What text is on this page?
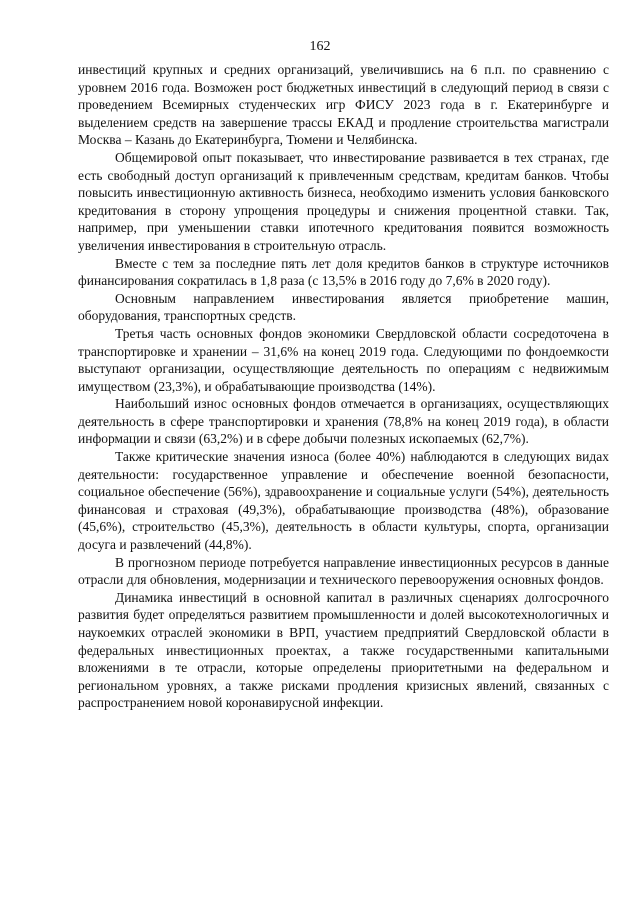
162

инвестиций крупных и средних организаций, увеличившись на 6 п.п. по сравнению с уровнем 2016 года. Возможен рост бюджетных инвестиций в следующий период в связи с проведением Всемирных студенческих игр ФИСУ 2023 года в г. Екатеринбурге и выделением средств на завершение трассы ЕКАД и продление строительства магистрали Москва – Казань до Екатеринбурга, Тюмени и Челябинска.

Общемировой опыт показывает, что инвестирование развивается в тех странах, где есть свободный доступ организаций к привлеченным средствам, кредитам банков. Чтобы повысить инвестиционную активность бизнеса, необходимо изменить условия банковского кредитования в сторону упрощения процедуры и снижения процентной ставки. Так, например, при уменьшении ставки ипотечного кредитования появится возможность увеличения инвестирования в строительную отрасль.

Вместе с тем за последние пять лет доля кредитов банков в структуре источников финансирования сократилась в 1,8 раза (с 13,5% в 2016 году до 7,6% в 2020 году).

Основным направлением инвестирования является приобретение машин, оборудования, транспортных средств.

Третья часть основных фондов экономики Свердловской области сосредоточена в транспортировке и хранении – 31,6% на конец 2019 года. Следующими по фондоемкости выступают организации, осуществляющие деятельность по операциям с недвижимым имуществом (23,3%), и обрабатывающие производства (14%).

Наибольший износ основных фондов отмечается в организациях, осуществляющих деятельность в сфере транспортировки и хранения (78,8% на конец 2019 года), в области информации и связи (63,2%) и в сфере добычи полезных ископаемых (62,7%).

Также критические значения износа (более 40%) наблюдаются в следующих видах деятельности: государственное управление и обеспечение военной безопасности, социальное обеспечение (56%), здравоохранение и социальные услуги (54%), деятельность финансовая и страховая (49,3%), обрабатывающие производства (48%), образование (45,6%), строительство (45,3%), деятельность в области культуры, спорта, организации досуга и развлечений (44,8%).

В прогнозном периоде потребуется направление инвестиционных ресурсов в данные отрасли для обновления, модернизации и технического перевооружения основных фондов.

Динамика инвестиций в основной капитал в различных сценариях долгосрочного развития будет определяться развитием промышленности и долей высокотехнологичных и наукоемких отраслей экономики в ВРП, участием предприятий Свердловской области в федеральных инвестиционных проектах, а также государственными капитальными вложениями в те отрасли, которые определены приоритетными на федеральном и региональном уровнях, а также рисками продления кризисных явлений, связанных с распространением новой коронавирусной инфекции.
